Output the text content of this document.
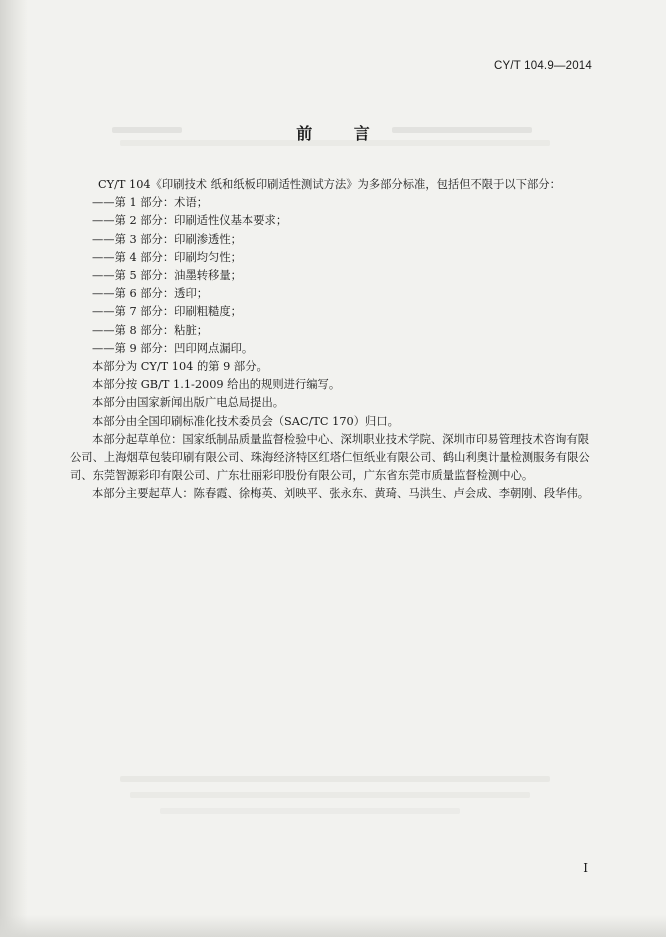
CY/T 104.9—2014
前 言

CY/T 104《印刷技术 纸和纸板印刷适性测试方法》为多部分标准，包括但不限于以下部分：

——第 1 部分：术语；

——第 2 部分：印刷适性仪基本要求；

——第 3 部分：印刷渗透性；

——第 4 部分：印刷均匀性；

——第 5 部分：油墨转移量；

——第 6 部分：透印；

——第 7 部分：印刷粗糙度；

——第 8 部分：粘脏；

——第 9 部分：凹印网点漏印。

本部分为 CY/T 104 的第 9 部分。

本部分按 GB/T 1.1-2009 给出的规则进行编写。

本部分由国家新闻出版广电总局提出。

本部分由全国印刷标准化技术委员会（SAC/TC 170）归口。

本部分起草单位：国家纸制品质量监督检验中心、深圳职业技术学院、深圳市印易管理技术咨询有限公司、上海烟草包装印刷有限公司、珠海经济特区红塔仁恒纸业有限公司、鹤山利奥计量检测服务有限公司、东莞智源彩印有限公司、广东壮丽彩印股份有限公司，广东省东莞市质量监督检测中心。

本部分主要起草人：陈春霞、徐梅英、刘映平、张永东、黄琦、马洪生、卢会成、李朝刚、段华伟。

I
